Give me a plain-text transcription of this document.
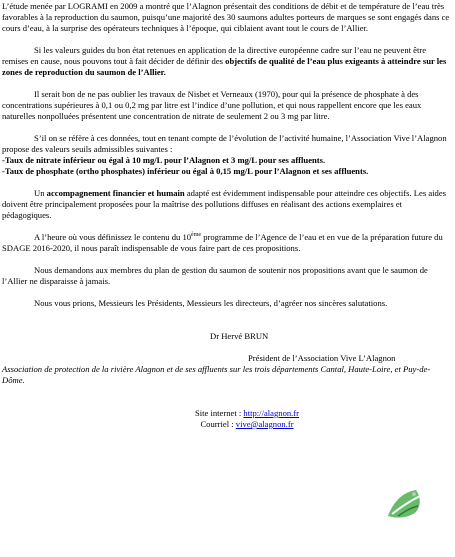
L’étude menée par LOGRAMI en 2009 a montré que l’Alagnon présentait des conditions de débit et de température de l’eau très favorables à la reproduction du saumon, puisqu’une majorité des 30 saumons adultes porteurs de marques se sont engagés dans ce cours d’eau, à la surprise des opérateurs techniques à l’époque, qui ciblaient avant tout le cours de l’Allier.

Si les valeurs guides du bon état retenues en application de la directive européenne cadre sur l’eau ne peuvent être remises en cause, nous pouvons tout à fait décider de définir des objectifs de qualité de l’eau plus exigeants à atteindre sur les zones de reproduction du saumon de l’Allier.

Il serait bon de ne pas oublier les travaux de Nisbet et Verneaux (1970), pour qui la présence de phosphate à des concentrations supérieures à 0,1 ou 0,2 mg par litre est l’indice d’une pollution, et qui nous rappellent encore que les eaux naturelles nonpolluées présentent une concentration de nitrate de seulement 2 ou 3 mg par litre.

S’il on se réfère à ces données, tout en tenant compte de l’évolution de l’activité humaine, l’Association Vive l’Alagnon propose des valeurs seuils admissibles suivantes :

-Taux de nitrate inférieur ou égal à 10 mg/L pour l’Alagnon et 3 mg/L pour ses affluents.

-Taux de phosphate (ortho phosphates) inférieur ou égal à 0,15 mg/L pour l’Alagnon et ses affluents.

Un accompagnement financier et humain adapté est évidemment indispensable pour atteindre ces objectifs. Les aides doivent être principalement proposées pour la maîtrise des pollutions diffuses en réalisant des actions exemplaires et pédagogiques.

A l’heure où vous définissez le contenu du 10ème programme de l’Agence de l’eau et en vue de la préparation future du SDAGE 2016-2020, il nous paraît indispensable de vous faire part de ces propositions.

Nous demandons aux membres du plan de gestion du saumon de soutenir nos propositions avant que le saumon de l’Allier ne disparaisse à jamais.

Nous vous prions, Messieurs les Présidents, Messieurs les directeurs, d’agréer nos sincères salutations.

Dr Hervé BRUN

Président de l’Association Vive L’Alagnon

Association de protection de la rivière Alagnon et de ses affluents sur les trois départements Cantal, Haute-Loire, et Puy-de-Dôme.

Site internet : http://alagnon.fr

Courriel : vive@alagnon.fr
